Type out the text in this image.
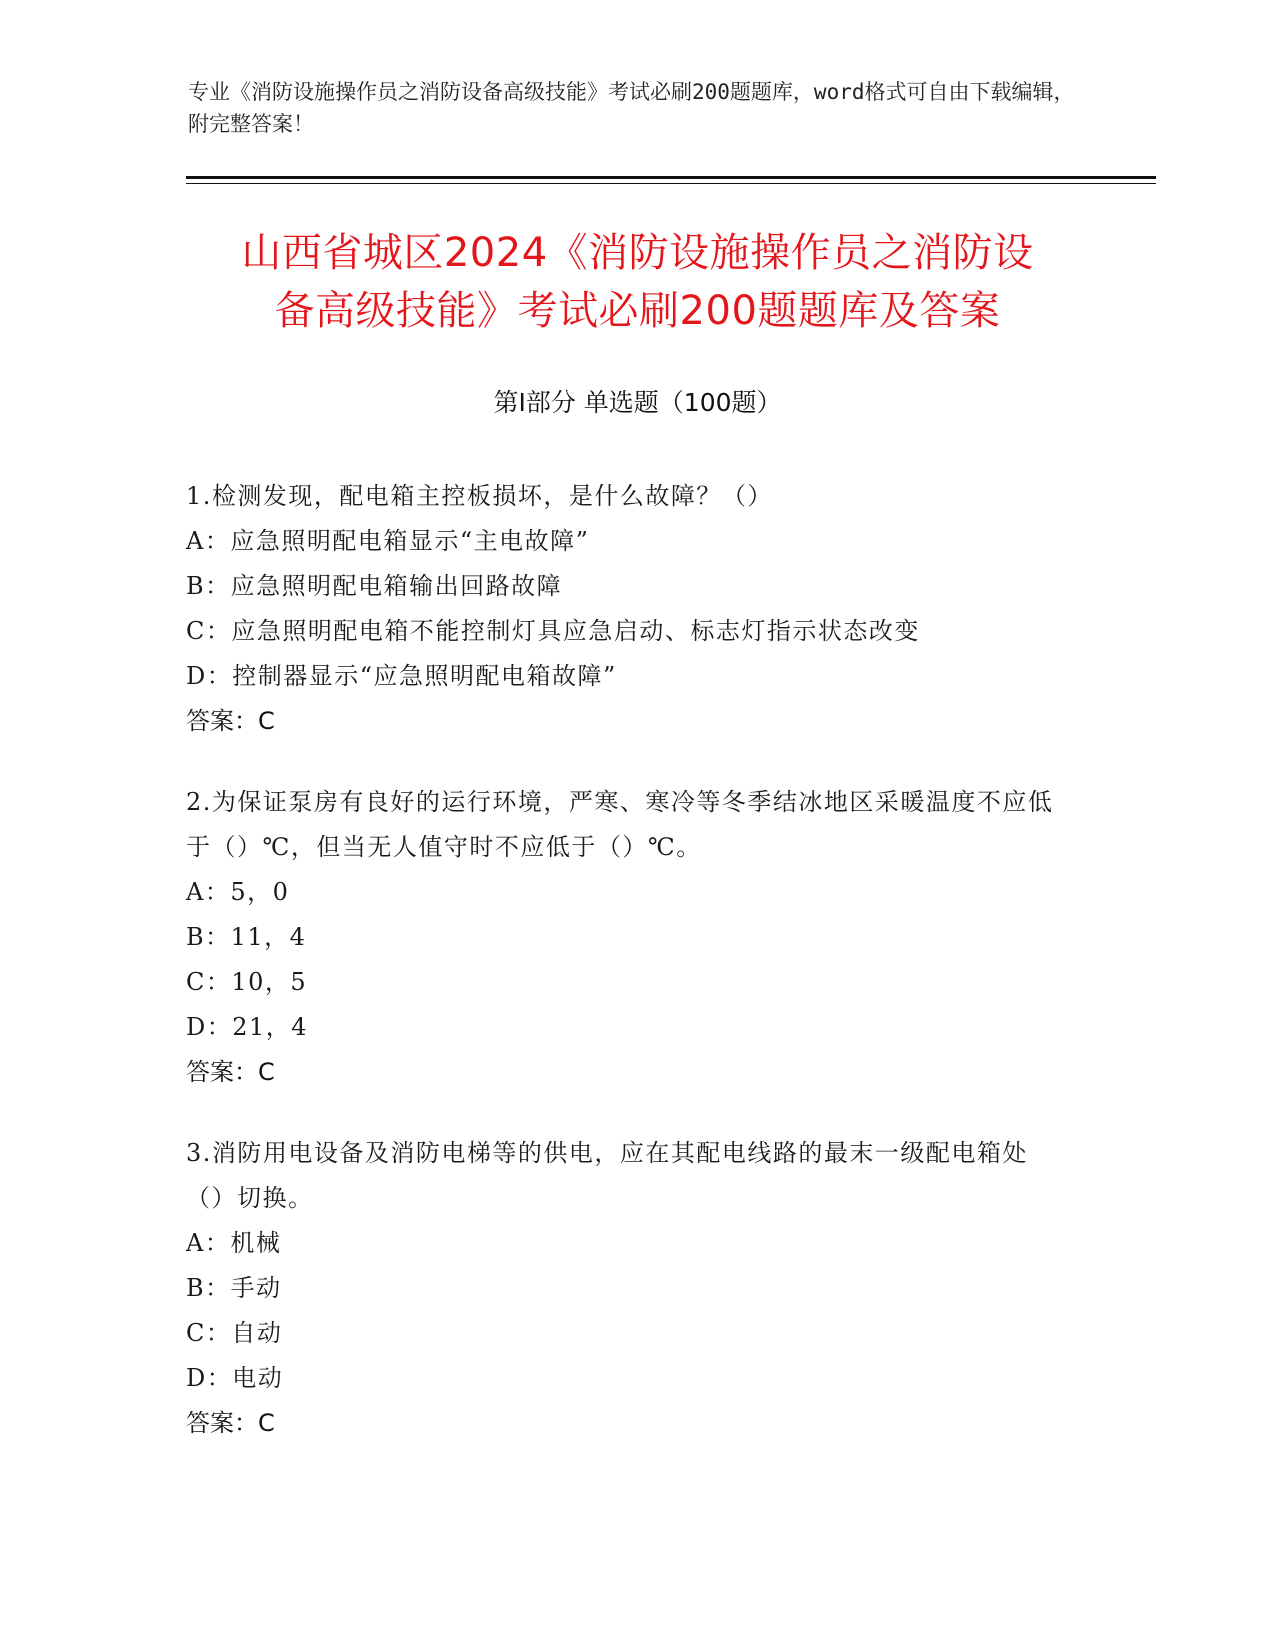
专业《消防设施操作员之消防设备高级技能》考试必刷200题题库，word格式可自由下载编辑，附完整答案！
山西省城区2024《消防设施操作员之消防设
备高级技能》考试必刷200题题库及答案
第Ⅰ部分 单选题（100题）
1.检测发现，配电箱主控板损坏，是什么故障？（）
A：应急照明配电箱显示“主电故障”
B：应急照明配电箱输出回路故障
C：应急照明配电箱不能控制灯具应急启动、标志灯指示状态改变
D：控制器显示“应急照明配电箱故障”
答案：C
2.为保证泵房有良好的运行环境，严寒、寒冷等冬季结冰地区采暖温度不应低于（）℃，但当无人值守时不应低于（）℃。
A：5，0
B：11，4
C：10，5
D：21，4
答案：C
3.消防用电设备及消防电梯等的供电，应在其配电线路的最末一级配电箱处（）切换。
A：机械
B：手动
C：自动
D：电动
答案：C
